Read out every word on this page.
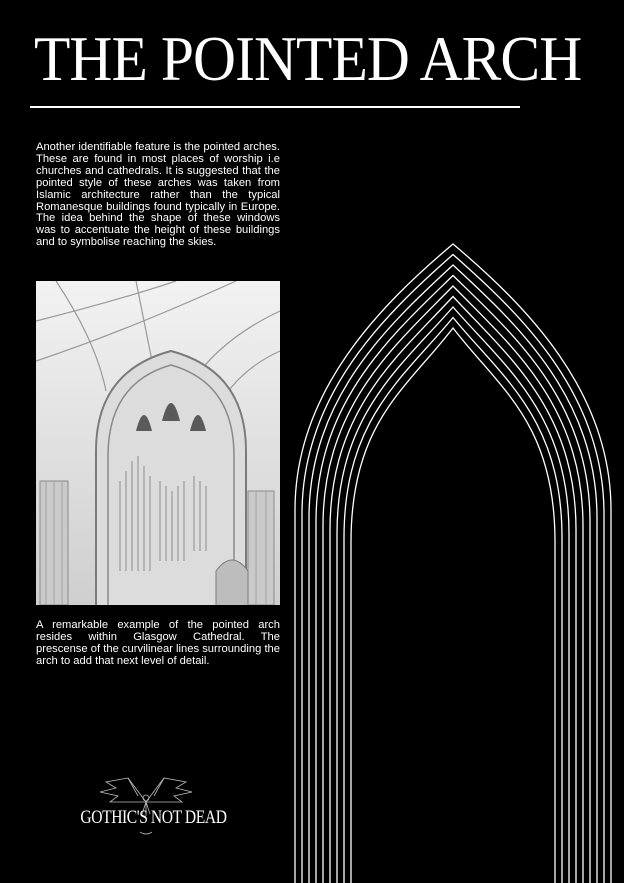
THE POINTED ARCH

Another identifiable feature is the pointed arches. These are found in most places of worship i.e churches and cathedrals. It is suggested that the pointed style of these arches was taken from Islamic architecture rather than the typical Romanesque buildings found typically in Europe. The idea behind the shape of these windows was to accentuate the height of these buildings and to symbolise reaching the skies.

A remarkable example of the pointed arch resides within Glasgow Cathedral. The prescense of the curvilinear lines surrounding the arch to add that next level of detail.

GOTHIC'S NOT DEAD
